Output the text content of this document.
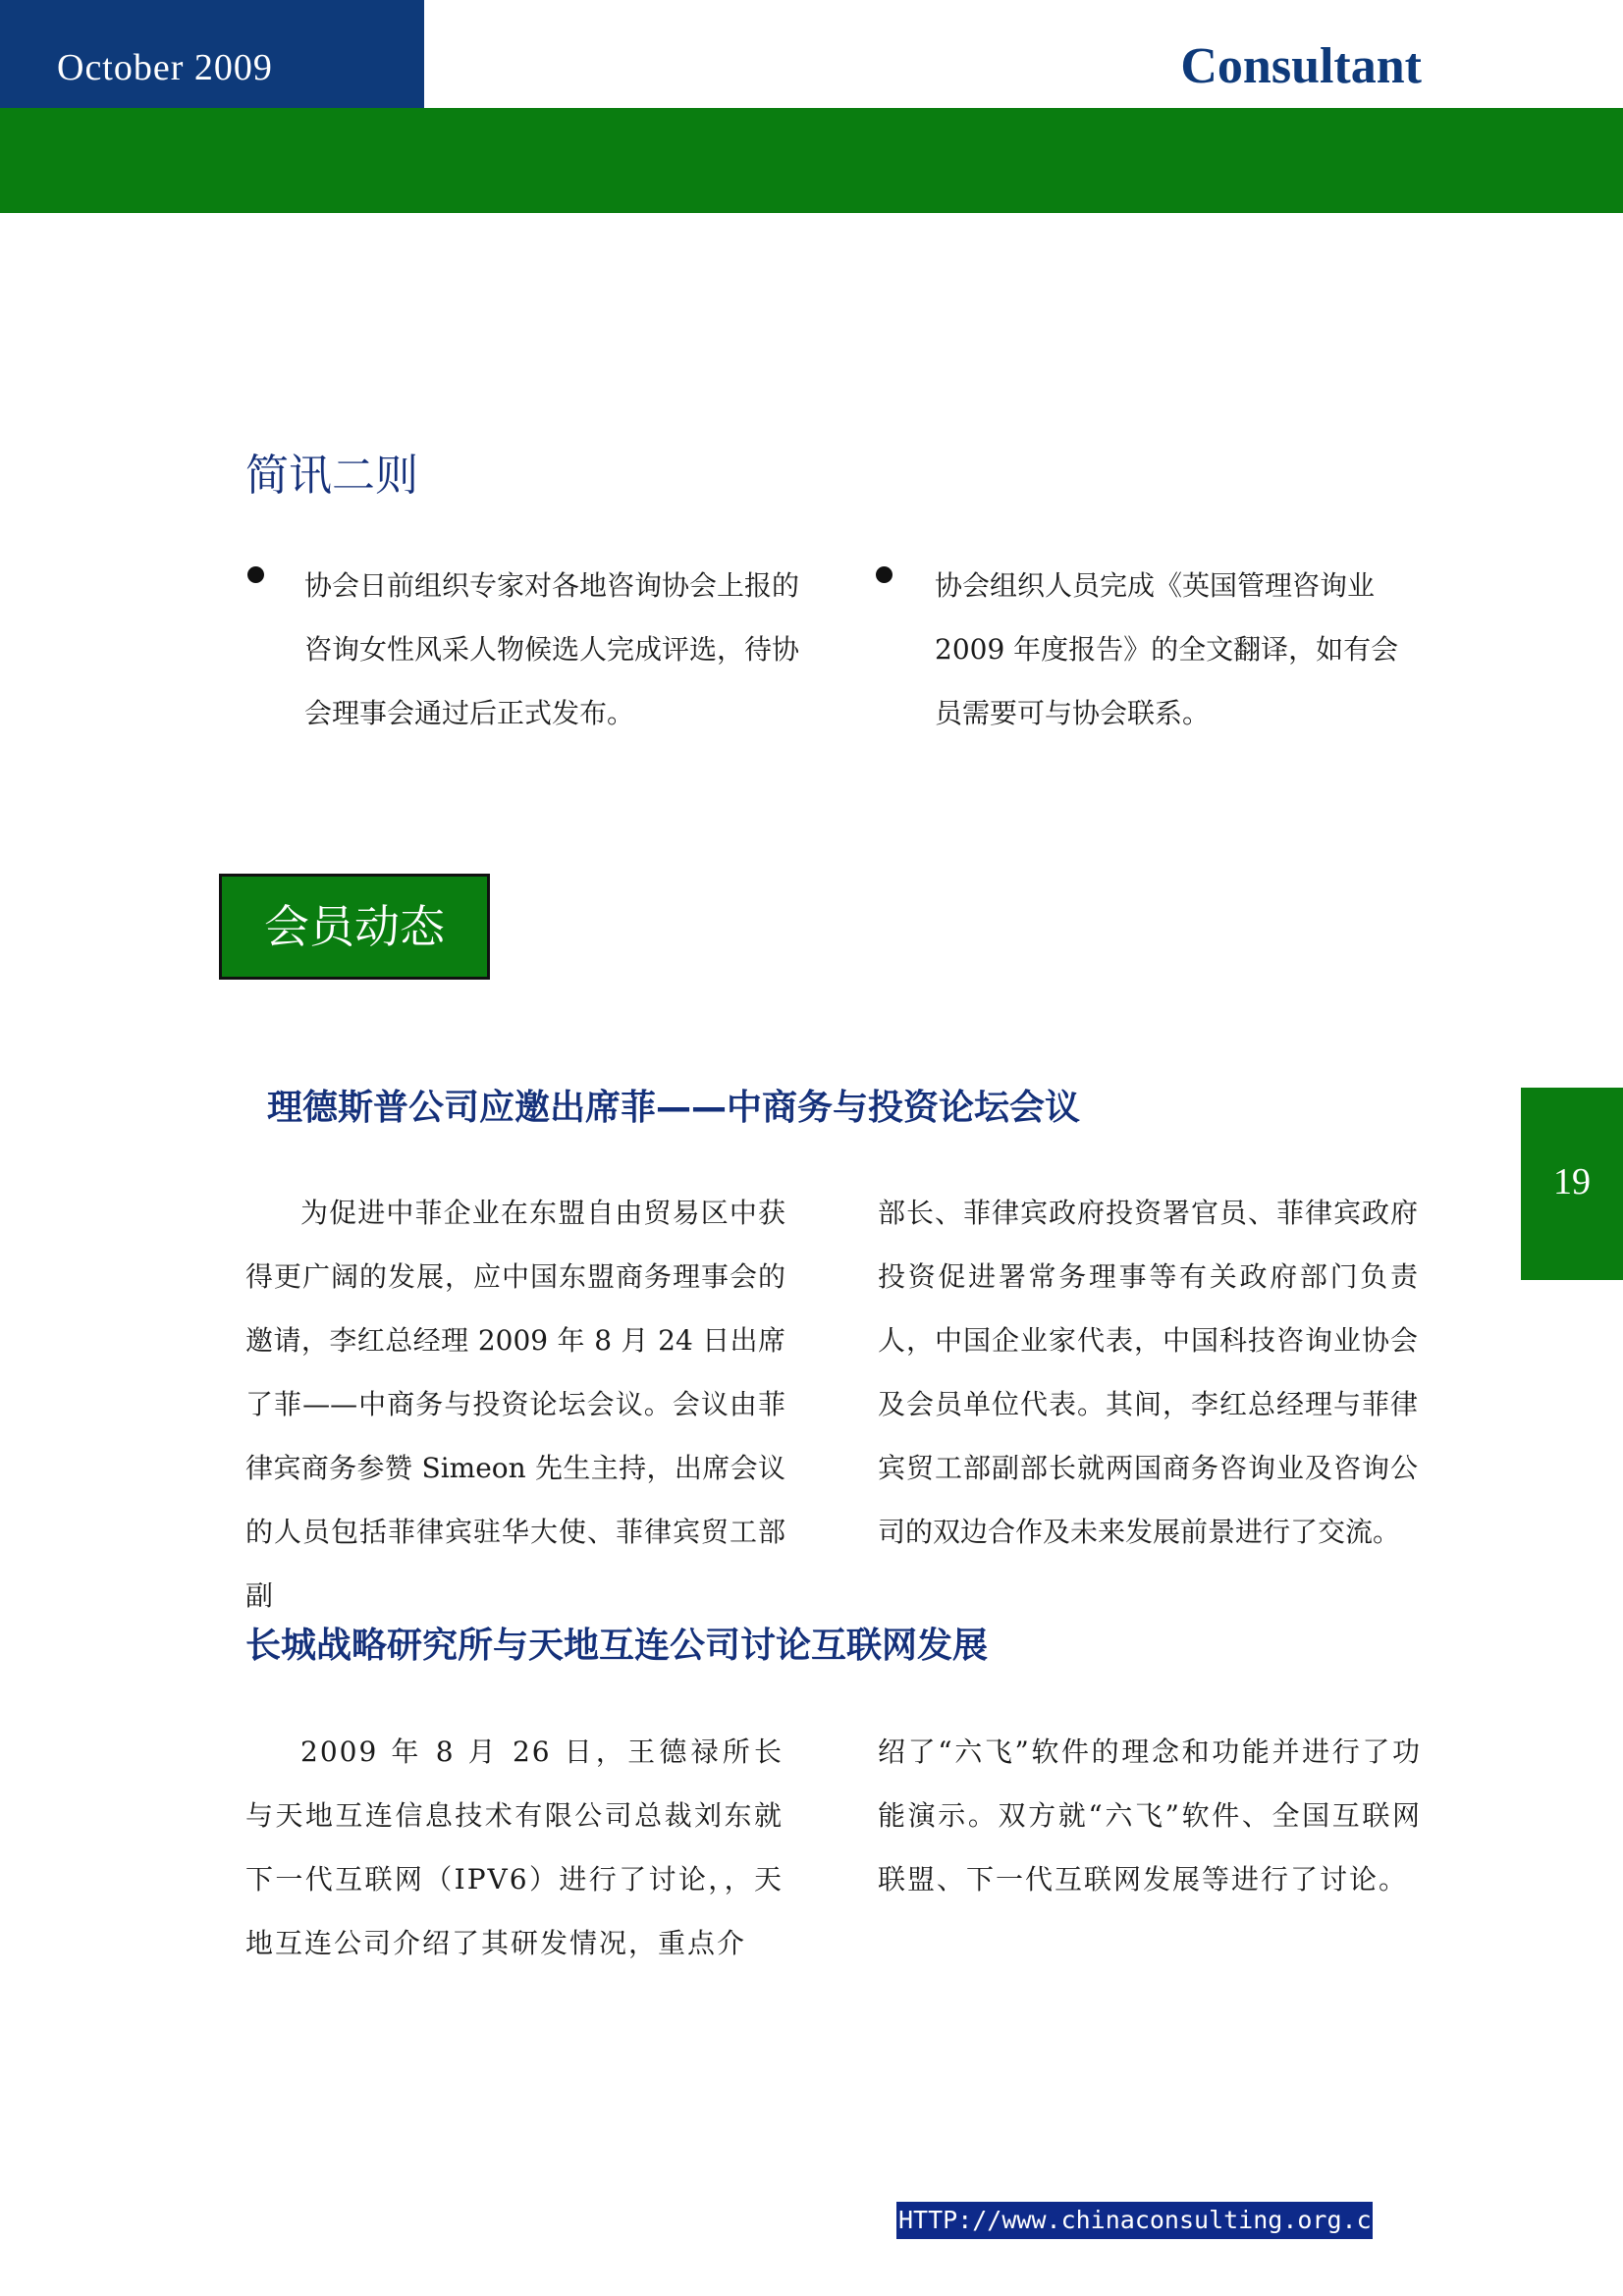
October 2009	Consultant
19
简讯二则
协会日前组织专家对各地咨询协会上报的咨询女性风采人物候选人完成评选，待协会理事会通过后正式发布。
协会组织人员完成《英国管理咨询业2009 年度报告》的全文翻译，如有会员需要可与协会联系。
会员动态
理德斯普公司应邀出席菲——中商务与投资论坛会议
为促进中菲企业在东盟自由贸易区中获得更广阔的发展，应中国东盟商务理事会的邀请，李红总经理 2009 年 8 月 24 日出席了菲——中商务与投资论坛会议。会议由菲律宾商务参赞 Simeon 先生主持，出席会议的人员包括菲律宾驻华大使、菲律宾贸工部副
部长、菲律宾政府投资署官员、菲律宾政府投资促进署常务理事等有关政府部门负责人，中国企业家代表，中国科技咨询业协会及会员单位代表。其间，李红总经理与菲律宾贸工部副部长就两国商务咨询业及咨询公司的双边合作及未来发展前景进行了交流。
长城战略研究所与天地互连公司讨论互联网发展
2009 年 8 月 26 日，王德禄所长与天地互连信息技术有限公司总裁刘东就下一代互联网（IPV6）进行了讨论，，天地互连公司介绍了其研发情况，重点介
绍了“六飞”软件的理念和功能并进行了功能演示。双方就“六飞”软件、全国互联网联盟、下一代互联网发展等进行了讨论。
HTTP://www.chinaconsulting.org.cn
